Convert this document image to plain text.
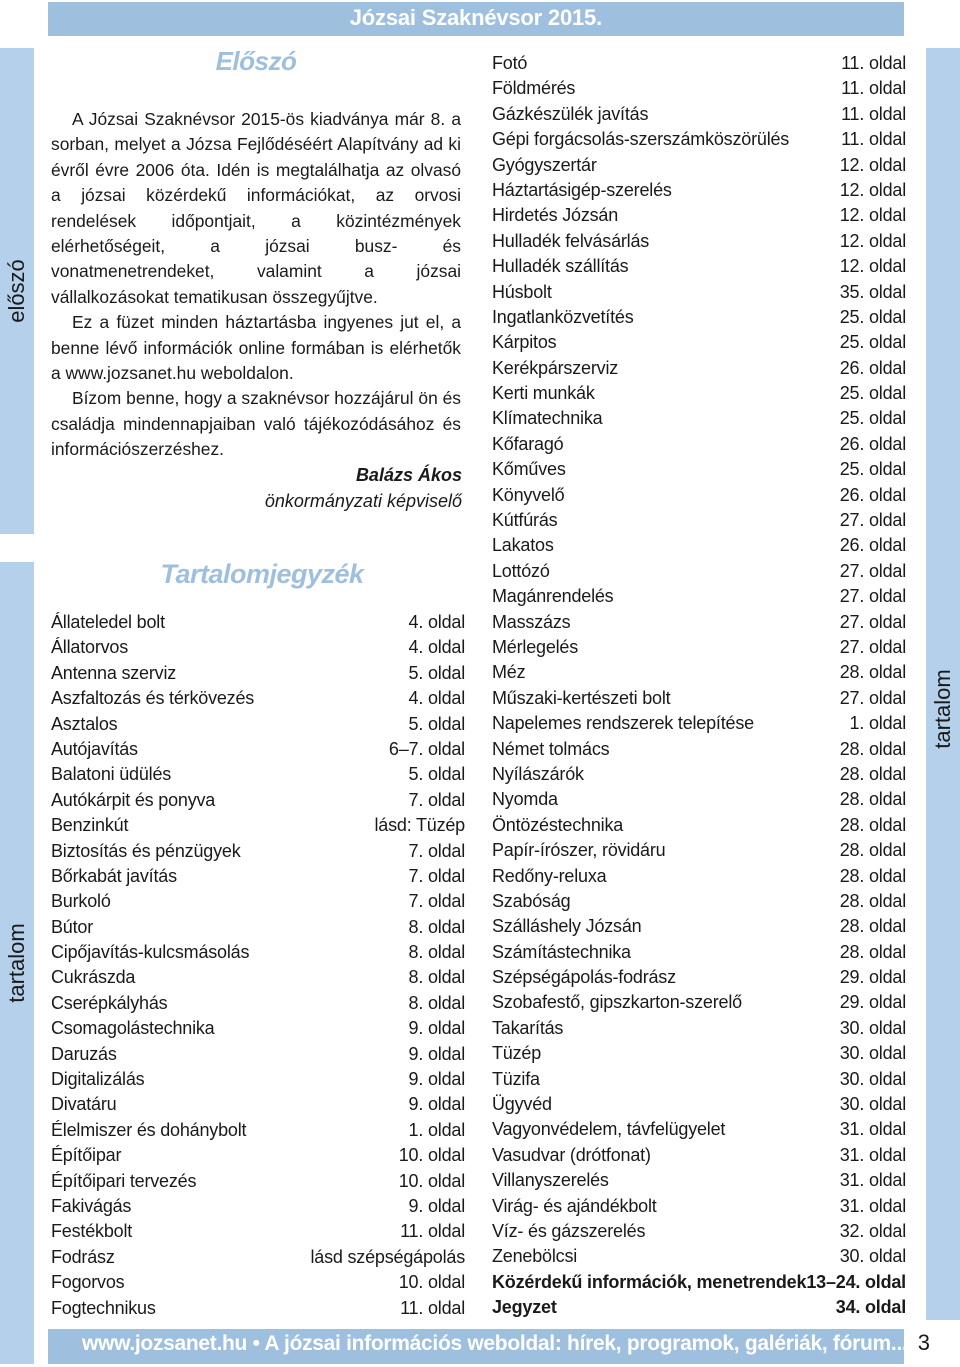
Józsai Szaknévsor 2015.
előszó
tartalom
tartalom
Előszó

A Józsai Szaknévsor 2015-ös kiadványa már 8. a sorban, melyet a Józsa Fejlődéséért Alapítvány ad ki évről évre 2006 óta. Idén is megtalálhatja az olvasó a józsai közérdekű információkat, az orvosi rendelések időpontjait, a közintézmények elérhetőségeit, a józsai busz- és vonatmenetrendeket, valamint a józsai vállalkozásokat tematikusan összegyűjtve.

Ez a füzet minden háztartásba ingyenes jut el, a benne lévő információk online formában is elérhetők a www.jozsanet.hu weboldalon.

Bízom benne, hogy a szaknévsor hozzájárul ön és családja mindennapjaiban való tájékozódásához és információszerzéshez.

Balázs Ákos
önkormányzati képviselő
Tartalomjegyzék
Állateledel bolt	4. oldal
Állatorvos	4. oldal
Antenna szerviz	5. oldal
Aszfaltozás és térkövezés	4. oldal
Asztalos	5. oldal
Autójavítás	6–7. oldal
Balatoni üdülés	5. oldal
Autókárpit és ponyva	7. oldal
Benzinkút	lásd: Tüzép
Biztosítás és pénzügyek	7. oldal
Bőrkabát javítás	7. oldal
Burkoló	7. oldal
Bútor	8. oldal
Cipőjavítás-kulcsmásolás	8. oldal
Cukrászda	8. oldal
Cserépkályhás	8. oldal
Csomagolástechnika	9. oldal
Daruzás	9. oldal
Digitalizálás	9. oldal
Divatáru	9. oldal
Élelmiszer és dohánybolt	1. oldal
Építőipar	10. oldal
Építőipari tervezés	10. oldal
Fakivágás	9. oldal
Festékbolt	11. oldal
Fodrász	lásd szépségápolás
Fogorvos	10. oldal
Fogtechnikus	11. oldal
Fotó	11. oldal
Földmérés	11. oldal
Gázkészülék javítás	11. oldal
Gépi forgácsolás-szerszámköszörülés	11. oldal
Gyógyszertár	12. oldal
Háztartásigép-szerelés	12. oldal
Hirdetés Józsán	12. oldal
Hulladék felvásárlás	12. oldal
Hulladék szállítás	12. oldal
Húsbolt	35. oldal
Ingatlanközvetítés	25. oldal
Kárpitos	25. oldal
Kerékpárszerviz	26. oldal
Kerti munkák	25. oldal
Klímatechnika	25. oldal
Kőfaragó	26. oldal
Kőműves	25. oldal
Könyvelő	26. oldal
Kútfúrás	27. oldal
Lakatos	26. oldal
Lottózó	27. oldal
Magánrendelés	27. oldal
Masszázs	27. oldal
Mérlegelés	27. oldal
Méz	28. oldal
Műszaki-kertészeti bolt	27. oldal
Napelemes rendszerek telepítése	1. oldal
Német tolmács	28. oldal
Nyílászárók	28. oldal
Nyomda	28. oldal
Öntözéstechnika	28. oldal
Papír-írószer, rövidáru	28. oldal
Redőny-reluxa	28. oldal
Szabóság	28. oldal
Szálláshely Józsán	28. oldal
Számítástechnika	28. oldal
Szépségápolás-fodrász	29. oldal
Szobafestő, gipszkarton-szerelő	29. oldal
Takarítás	30. oldal
Tüzép	30. oldal
Tüzifa	30. oldal
Ügyvéd	30. oldal
Vagyonvédelem, távfelügyelet	31. oldal
Vasudvar (drótfonat)	31. oldal
Villanyszerelés	31. oldal
Virág- és ajándékbolt	31. oldal
Víz- és gázszerelés	32. oldal
Zenebölcsi	30. oldal
Közérdekű információk, menetrendek 13–24. oldal
Jegyzet	34. oldal
www.jozsanet.hu • A józsai információs weboldal: hírek, programok, galériák, fórum... 3
